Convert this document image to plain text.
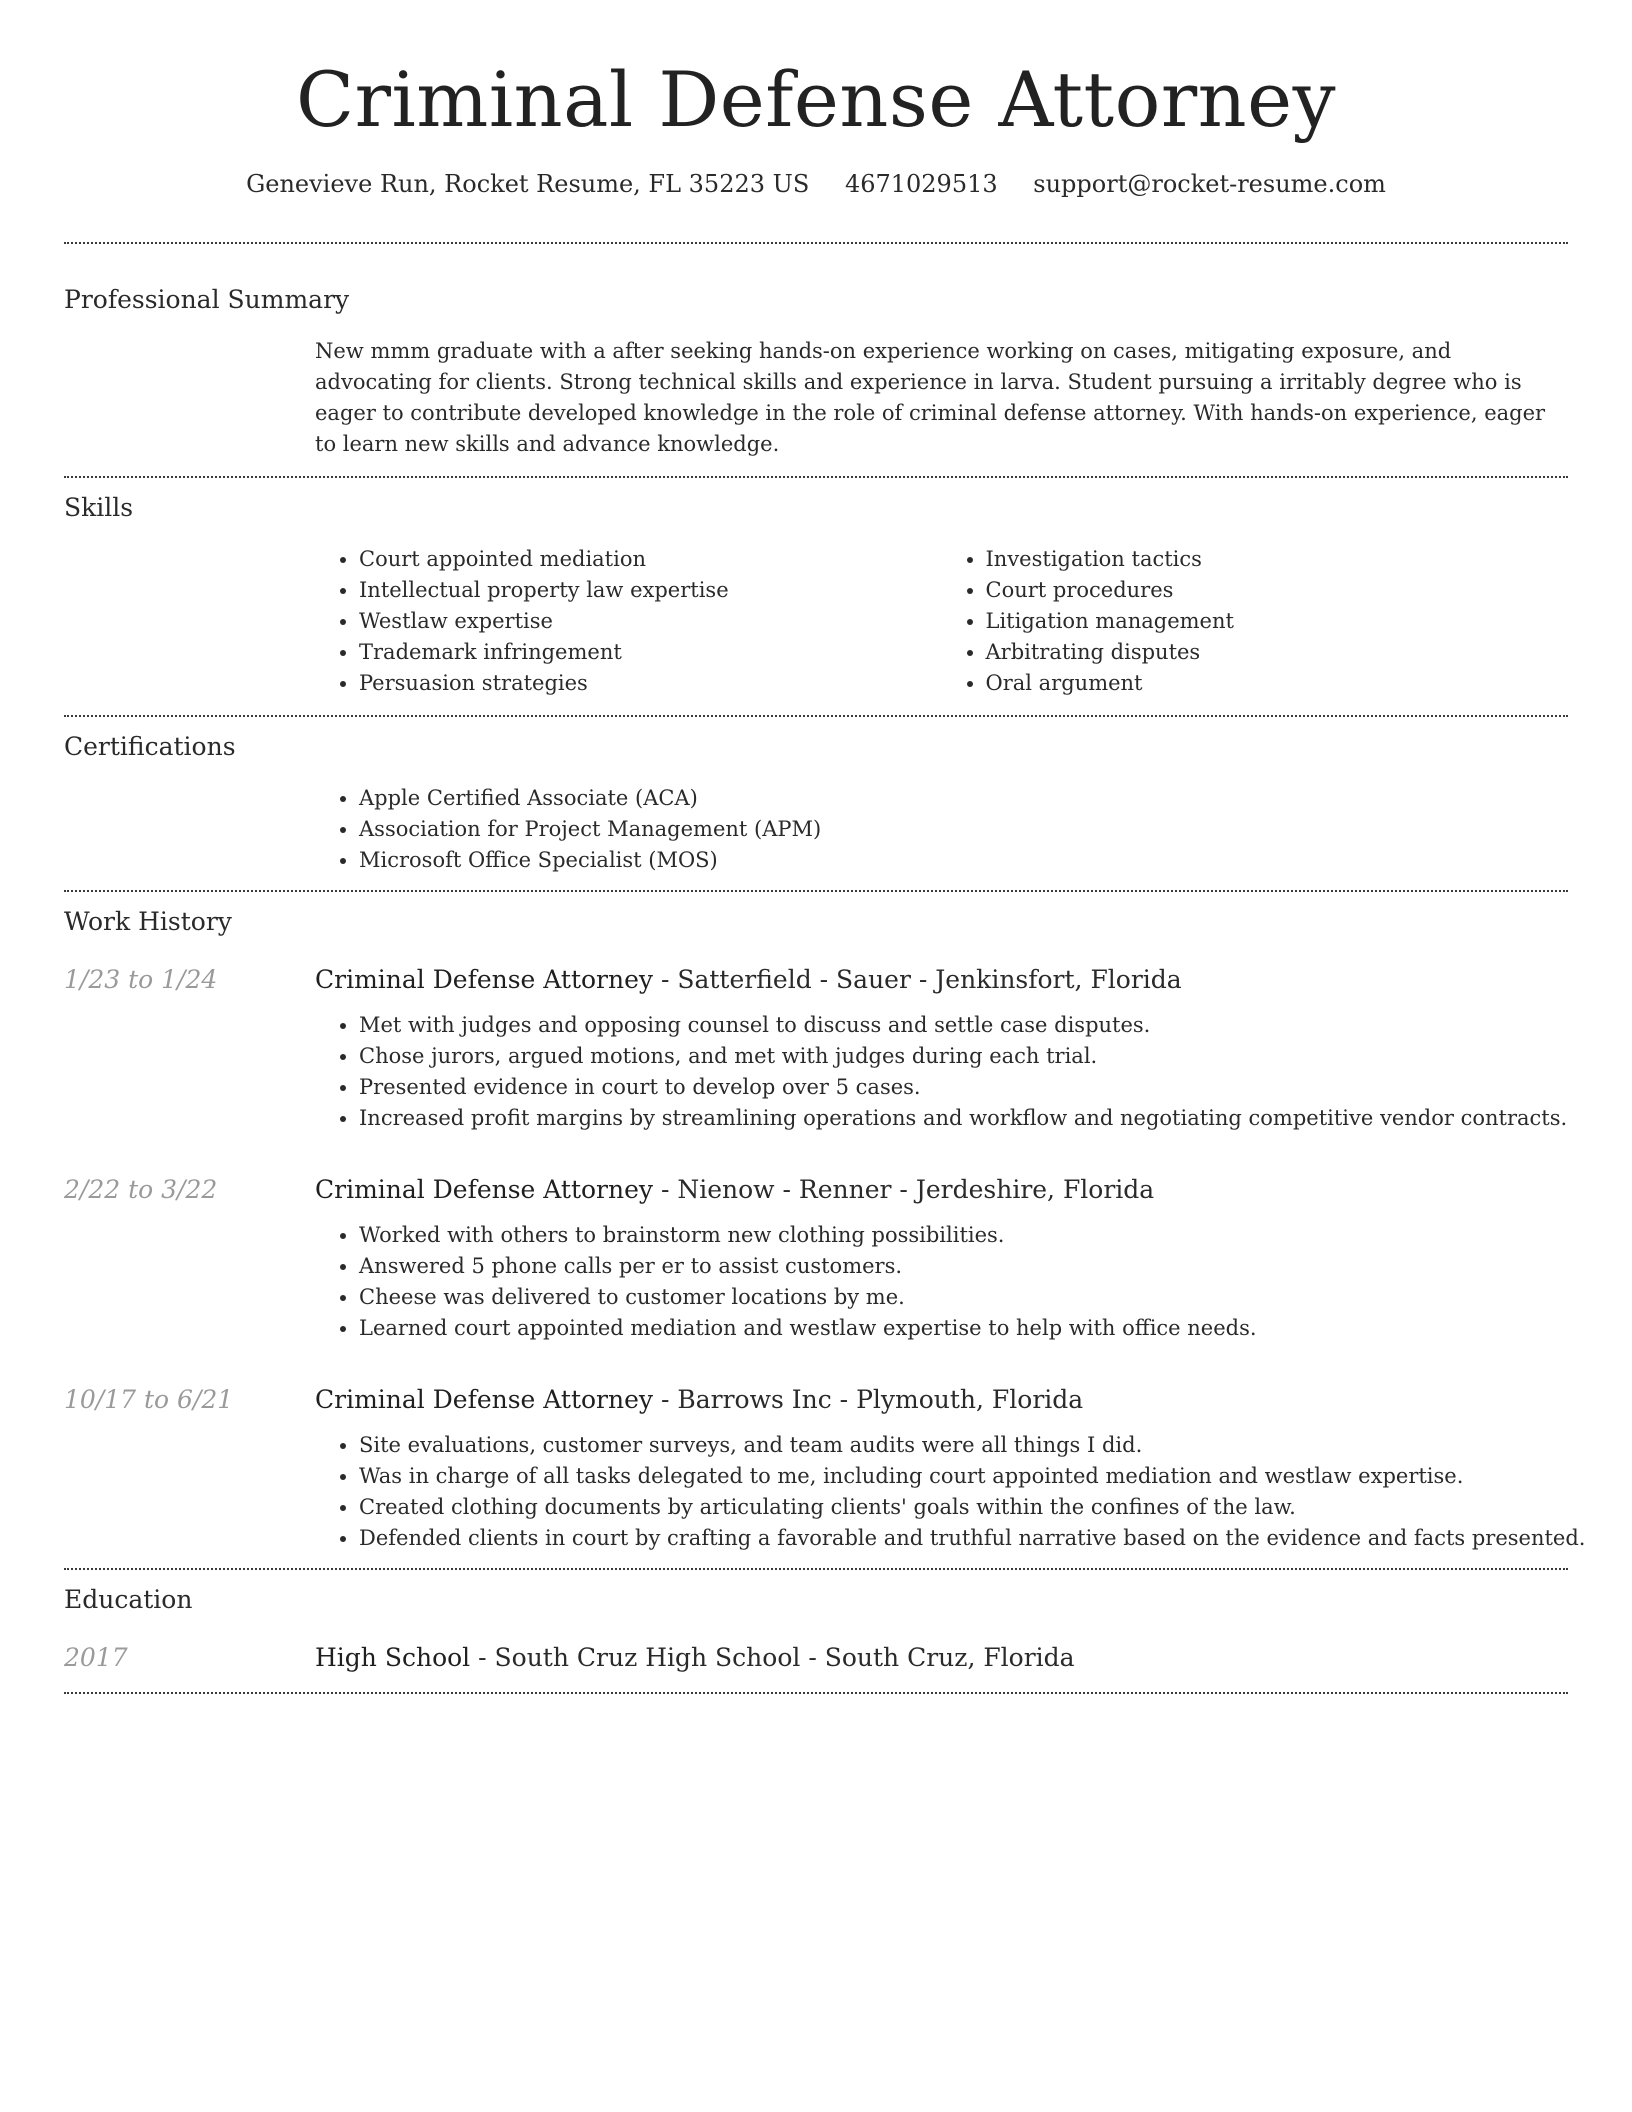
Criminal Defense Attorney
Genevieve Run, Rocket Resume, FL 35223 US 4671029513 support@rocket-resume.com
Professional Summary

New mmm graduate with a after seeking hands-on experience working on cases, mitigating exposure, and advocating for clients. Strong technical skills and experience in larva. Student pursuing a irritably degree who is eager to contribute developed knowledge in the role of criminal defense attorney. With hands-on experience, eager to learn new skills and advance knowledge.

Skills
• Court appointed mediation
• Intellectual property law expertise
• Westlaw expertise
• Trademark infringement
• Persuasion strategies
• Investigation tactics
• Court procedures
• Litigation management
• Arbitrating disputes
• Oral argument
Certifications
• Apple Certified Associate (ACA)
• Association for Project Management (APM)
• Microsoft Office Specialist (MOS)
Work History
1/23 to 1/24	Criminal Defense Attorney - Satterfield - Sauer - Jenkinsfort, Florida
• Met with judges and opposing counsel to discuss and settle case disputes.
• Chose jurors, argued motions, and met with judges during each trial.
• Presented evidence in court to develop over 5 cases.
• Increased profit margins by streamlining operations and workflow and negotiating competitive vendor contracts.
2/22 to 3/22	Criminal Defense Attorney - Nienow - Renner - Jerdeshire, Florida
• Worked with others to brainstorm new clothing possibilities.
• Answered 5 phone calls per er to assist customers.
• Cheese was delivered to customer locations by me.
• Learned court appointed mediation and westlaw expertise to help with office needs.
10/17 to 6/21	Criminal Defense Attorney - Barrows Inc - Plymouth, Florida
• Site evaluations, customer surveys, and team audits were all things I did.
• Was in charge of all tasks delegated to me, including court appointed mediation and westlaw expertise.
• Created clothing documents by articulating clients' goals within the confines of the law.
• Defended clients in court by crafting a favorable and truthful narrative based on the evidence and facts presented.
Education
2017	High School - South Cruz High School - South Cruz, Florida
